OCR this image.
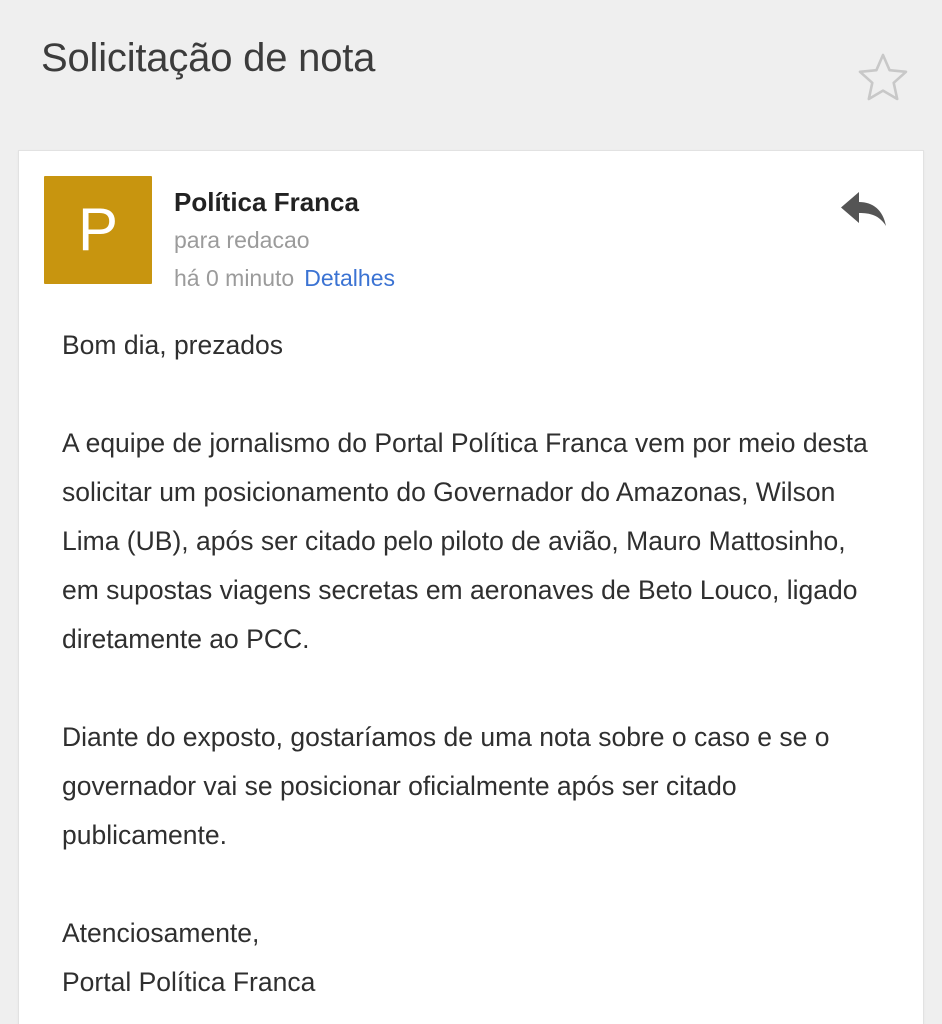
Solicitação de nota
P	Política Franca
para redacao
há 0 minuto Detalhes

Bom dia, prezados

A equipe de jornalismo do Portal Política Franca vem por meio desta solicitar um posicionamento do Governador do Amazonas, Wilson Lima (UB), após ser citado pelo piloto de avião, Mauro Mattosinho, em supostas viagens secretas em aeronaves de Beto Louco, ligado diretamente ao PCC.

Diante do exposto, gostaríamos de uma nota sobre o caso e se o governador vai se posicionar oficialmente após ser citado publicamente.

Atenciosamente,

Portal Política Franca
